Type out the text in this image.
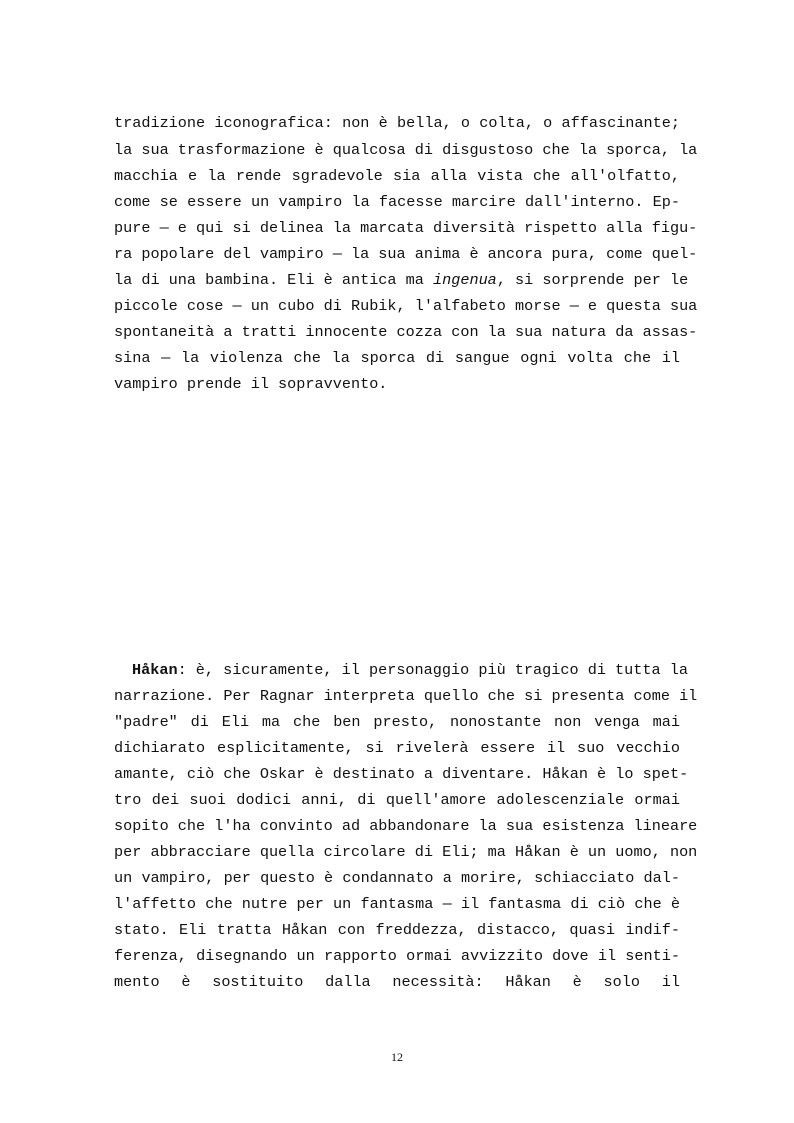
tradizione iconografica: non è bella, o colta, o affascinante;
la sua trasformazione è qualcosa di disgustoso che la sporca, la
macchia e la rende sgradevole sia alla vista che all'olfatto,
come se essere un vampiro la facesse marcire dall'interno. Ep-
pure — e qui si delinea la marcata diversità rispetto alla figu-
ra popolare del vampiro — la sua anima è ancora pura, come quel-
la di una bambina. Eli è antica ma ingenua, si sorprende per le
piccole cose — un cubo di Rubik, l'alfabeto morse — e questa sua
spontaneità a tratti innocente cozza con la sua natura da assas-
sina — la violenza che la sporca di sangue ogni volta che il
vampiro prende il sopravvento.
Håkan: è, sicuramente, il personaggio più tragico di tutta la
narrazione. Per Ragnar interpreta quello che si presenta come il
"padre" di Eli ma che ben presto, nonostante non venga mai
dichiarato esplicitamente, si rivelerà essere il suo vecchio
amante, ciò che Oskar è destinato a diventare. Håkan è lo spet-
tro dei suoi dodici anni, di quell'amore adolescenziale ormai
sopito che l'ha convinto ad abbandonare la sua esistenza lineare
per abbracciare quella circolare di Eli; ma Håkan è un uomo, non
un vampiro, per questo è condannato a morire, schiacciato dal-
l'affetto che nutre per un fantasma — il fantasma di ciò che è
stato. Eli tratta Håkan con freddezza, distacco, quasi indif-
ferenza, disegnando un rapporto ormai avvizzito dove il senti-
mento è sostituito dalla necessità: Håkan è solo il
12
